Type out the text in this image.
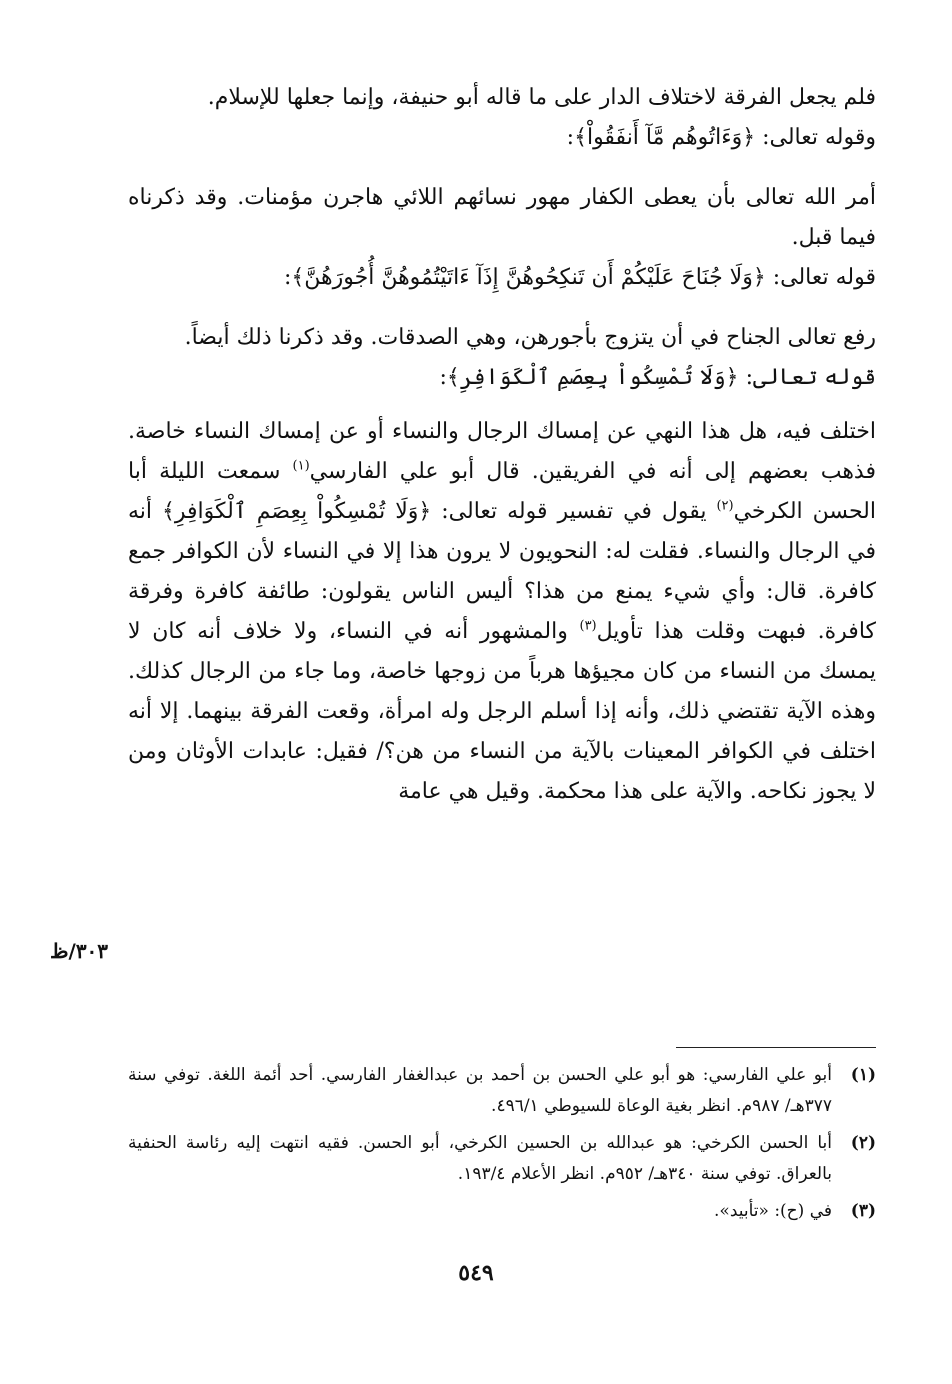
فلم يجعل الفرقة لاختلاف الدار على ما قاله أبو حنيفة، وإنما جعلها للإسلام.

وقوله تعالى: ﴿وَءَاتُوهُم مَّآ أَنفَقُواْ﴾:

أمر الله تعالى بأن يعطى الكفار مهور نسائهم اللائي هاجرن مؤمنات. وقد ذكرناه فيما قبل.

قوله تعالى: ﴿وَلَا جُنَاحَ عَلَيْكُمْ أَن تَنكِحُوهُنَّ إِذَآ ءَاتَيْتُمُوهُنَّ أُجُورَهُنَّ﴾:

رفع تعالى الجناح في أن يتزوج بأجورهن، وهي الصدقات. وقد ذكرنا ذلك أيضاً.

قوله تعالى: ﴿وَلَا تُمْسِكُواْ بِعِصَمِ ٱلْكَوَافِرِ﴾:

اختلف فيه، هل هذا النهي عن إمساك الرجال والنساء أو عن إمساك النساء خاصة. فذهب بعضهم إلى أنه في الفريقين. قال أبو علي الفارسي$^{(١)}$ سمعت الليلة أبا الحسن الكرخي$^{(٢)}$ يقول في تفسير قوله تعالى: ﴿وَلَا تُمْسِكُواْ بِعِصَمِ ٱلْكَوَافِرِ﴾ أنه في الرجال والنساء. فقلت له: النحويون لا يرون هذا إلا في النساء لأن الكوافر جمع كافرة. قال: وأي شيء يمنع من هذا؟ أليس الناس يقولون: طائفة كافرة وفرقة كافرة. فبهت وقلت هذا تأويل$^{(٣)}$ والمشهور أنه في النساء، ولا خلاف أنه كان لا يمسك من النساء من كان مجيؤها هرباً من زوجها خاصة، وما جاء من الرجال كذلك. وهذه الآية تقتضي ذلك، وأنه إذا أسلم الرجل وله امرأة، وقعت الفرقة بينهما. إلا أنه اختلف في الكوافر المعينات بالآية من النساء من هن؟/ فقيل: عابدات الأوثان ومن لا يجوز نكاحه. والآية على هذا محكمة. وقيل هي عامة

٣٠٣/ظ
(١)
أبو علي الفارسي: هو أبو علي الحسن بن أحمد بن عبدالغفار الفارسي. أحد أئمة اللغة. توفي سنة ٣٧٧هـ/ ٩٨٧م. انظر بغية الوعاة للسيوطي ٤٩٦/١.
(٢)
أبا الحسن الكرخي: هو عبدالله بن الحسين الكرخي، أبو الحسن. فقيه انتهت إليه رئاسة الحنفية بالعراق. توفي سنة ٣٤٠هـ/ ٩٥٢م. انظر الأعلام ١٩٣/٤.
(٣)
في (ح): «تأبيد».
٥٤٩
